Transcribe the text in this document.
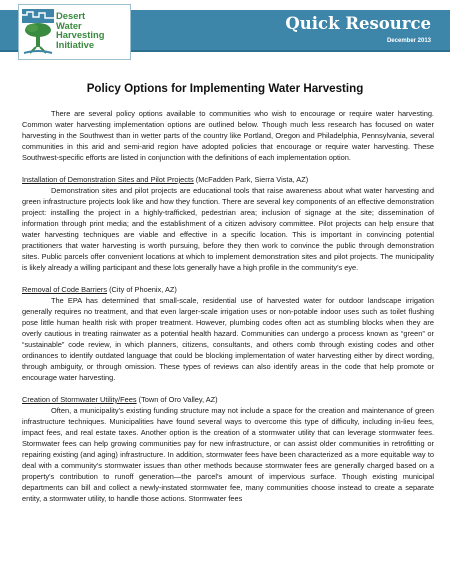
Desert
Water
Harvesting
Initiative
Quick Resource
December 2013
Policy Options for Implementing Water Harvesting

There are several policy options available to communities who wish to encourage or require water harvesting. Common water harvesting implementation options are outlined below. Though much less research has focused on water harvesting in the Southwest than in wetter parts of the country like Portland, Oregon and Philadelphia, Pennsylvania, several communities in this arid and semi-arid region have adopted policies that encourage or require water harvesting. These Southwest-specific efforts are listed in conjunction with the definitions of each implementation option.

Installation of Demonstration Sites and Pilot Projects (McFadden Park, Sierra Vista, AZ)

Demonstration sites and pilot projects are educational tools that raise awareness about what water harvesting and green infrastructure projects look like and how they function. There are several key components of an effective demonstration project: installing the project in a highly-trafficked, pedestrian area; inclusion of signage at the site; dissemination of information through print media; and the establishment of a citizen advisory committee. Pilot projects can help ensure that water harvesting techniques are viable and effective in a specific location. This is important in convincing potential practitioners that water harvesting is worth pursuing, before they then work to convince the public through demonstration sites. Public parcels offer convenient locations at which to implement demonstration sites and pilot projects. The municipality is likely already a willing participant and these lots generally have a high profile in the community's eye.

Removal of Code Barriers (City of Phoenix, AZ)

The EPA has determined that small-scale, residential use of harvested water for outdoor landscape irrigation generally requires no treatment, and that even larger-scale irrigation uses or non-potable indoor uses such as toilet flushing pose little human health risk with proper treatment. However, plumbing codes often act as stumbling blocks when they are overly cautious in treating rainwater as a potential health hazard. Communities can undergo a process known as “green” or “sustainable” code review, in which planners, citizens, consultants, and others comb through existing codes and other ordinances to identify outdated language that could be blocking implementation of water harvesting either by direct wording, through ambiguity, or through omission. These types of reviews can also identify areas in the code that help promote or encourage water harvesting.

Creation of Stormwater Utility/Fees (Town of Oro Valley, AZ)

Often, a municipality's existing funding structure may not include a space for the creation and maintenance of green infrastructure techniques. Municipalities have found several ways to overcome this type of difficulty, including in-lieu fees, impact fees, and real estate taxes. Another option is the creation of a stormwater utility that can leverage stormwater fees. Stormwater fees can help growing communities pay for new infrastructure, or can assist older communities in retrofitting or repairing existing (and aging) infrastructure. In addition, stormwater fees have been characterized as a more equitable way to deal with a community's stormwater issues than other methods because stormwater fees are generally charged based on a property's contribution to runoff generation—the parcel's amount of impervious surface. Though existing municipal departments can bill and collect a newly-instated stormwater fee, many communities choose instead to create a separate entity, a stormwater utility, to handle those actions. Stormwater fees
